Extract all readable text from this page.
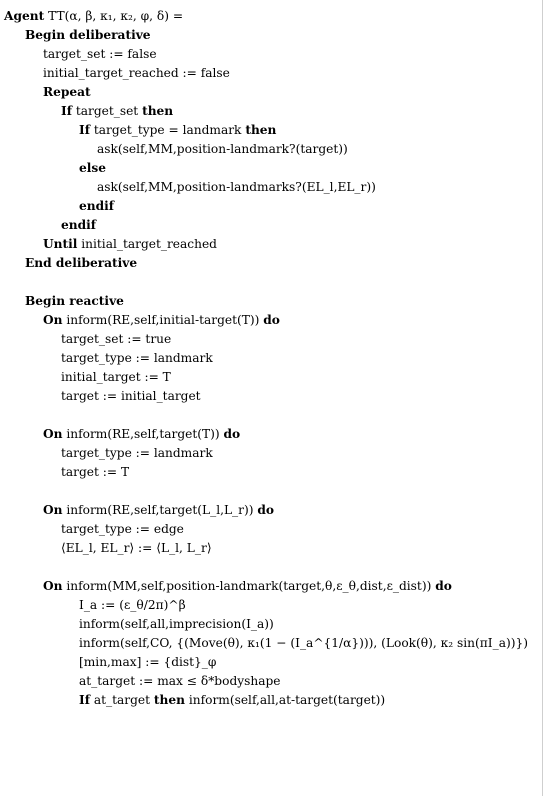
Agent TT(α, β, κ₁, κ₂, φ, δ) =
Begin deliberative
target_set := false
initial_target_reached := false
Repeat
If target_set then
If target_type = landmark then
ask(self,MM,position-landmark?(target))
else
ask(self,MM,position-landmarks?(EL_l,EL_r))
endif
endif
Until initial_target_reached
End deliberative
Begin reactive
On inform(RE,self,initial-target(T)) do
target_set := true
target_type := landmark
initial_target := T
target := initial_target
On inform(RE,self,target(T)) do
target_type := landmark
target := T
On inform(RE,self,target(L_l,L_r)) do
target_type := edge
⟨EL_l, EL_r⟩ := ⟨L_l, L_r⟩
On inform(MM,self,position-landmark(target,θ,ε_θ,dist,ε_dist)) do
I_a := (ε_θ/2π)^β
inform(self,all,imprecision(I_a))
inform(self,CO, {(Move(θ), κ₁(1 − (I_a^{1/α}))), (Look(θ), κ₂ sin(πI_a))})
[min,max] := {dist}_φ
at_target := max ≤ δ*bodyshape
If at_target then inform(self,all,at-target(target))
